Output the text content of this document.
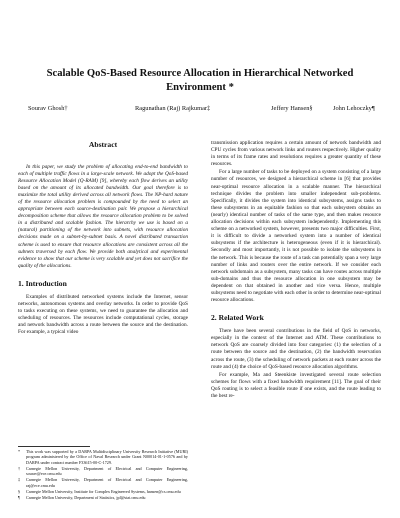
Scalable QoS-Based Resource Allocation in Hierarchical Networked Environment *
Sourav Ghosh†	Ragunathan (Raj) Rajkumar‡	Jeffery Hansen§	John Lehoczky¶

Abstract

In this paper, we study the problem of allocating end-to-end bandwidth to each of multiple traffic flows in a large-scale network. We adopt the QoS-based Resource Allocation Model (Q-RAM) [9], whereby each flow derives an utility based on the amount of its allocated bandwidth. Our goal therefore is to maximize the total utility derived across all network flows. The NP-hard nature of the resource allocation problem is compounded by the need to select an appropriate between each source-destination pair. We propose a hierarchical decomposition scheme that allows the resource allocation problem to be solved in a distributed and scalable fashion. The hierarchy we use is based on a (natural) partitioning of the network into subnets, with resource allocation decisions made on a subnet-by-subnet basis. A novel distributed transaction scheme is used to ensure that resource allocations are consistent across all the subnets traversed by each flow. We provide both analytical and experimental evidence to show that our scheme is very scalable and yet does not sacrifice the quality of the allocations.

1. Introduction

Examples of distributed networked systems include the Internet, sensor networks, autonomous systems and overlay networks. In order to provide QoS to tasks executing on these systems, we need to guarantee the allocation and scheduling of resources. The resources include computational cycles, storage and network bandwidth across a route between the source and the destination. For example, a typical video

transmission application requires a certain amount of network bandwidth and CPU cycles from various network links and routers respectively. Higher quality in terms of its frame rates and resolutions requires a greater quantity of these resources.

For a large number of tasks to be deployed on a system consisting of a large number of resources, we designed a hierarchical scheme in [6] that provides near-optimal resource allocation in a scalable manner. The hierarchical technique divides the problem into smaller independent sub-problems. Specifically, it divides the system into identical subsystems, assigns tasks to these subsystems in an equitable fashion so that each subsystem obtains an (nearly) identical number of tasks of the same type, and then makes resource allocation decisions within each subsystem independently. Implementing this scheme on a networked system, however, presents two major difficulties. First, it is difficult to divide a networked system into a number of identical subsystems if the architecture is heterogeneous (even if it is hierarchical). Secondly and most importantly, it is not possible to isolate the subsystems in the network. This is because the route of a task can potentially span a very large number of links and routers over the entire network. If we consider each network subdomain as a subsystem, many tasks can have routes across multiple sub-domains and thus the resource allocation in one subsystem may be dependent on that obtained in another and vice versa. Hence, multiple subsystems need to negotiate with each other in order to determine near-optimal resource allocations.

2. Related Work

There have been several contributions in the field of QoS in networks, especially in the context of the Internet and ATM. These contributions to network QoS are coarsely divided into four categories: (1) the selection of a route between the source and the destination, (2) the bandwidth reservation across the route, (3) the scheduling of network packets at each router across the route and (4) the choice of QoS-based resource allocation algorithms.

For example, Ma and Steenkiste investigated several route selection schemes for flows with a fixed bandwidth requirement [11]. The goal of their QoS routing is to select a feasible route if one exists, and the route leading to the best re-

* This work was supported by a DARPA Multidisciplinary University Research Initiative (MURI) program administered by the Office of Naval Research under Grant N00014-01-1-0576 and by DARPA under contract number F33615-00-C-1729.

† Carnegie Mellon University, Department of Electrical and Computer Engineering, sourav@ece.cmu.edu

‡ Carnegie Mellon University, Department of Electrical and Computer Engineering, raj@ece.cmu.edu

§ Carnegie Mellon University, Institute for Complex Engineered Systems, hansen@cs.cmu.edu

¶ Carnegie Mellon University, Department of Statistics, jpl@stat.cmu.edu
